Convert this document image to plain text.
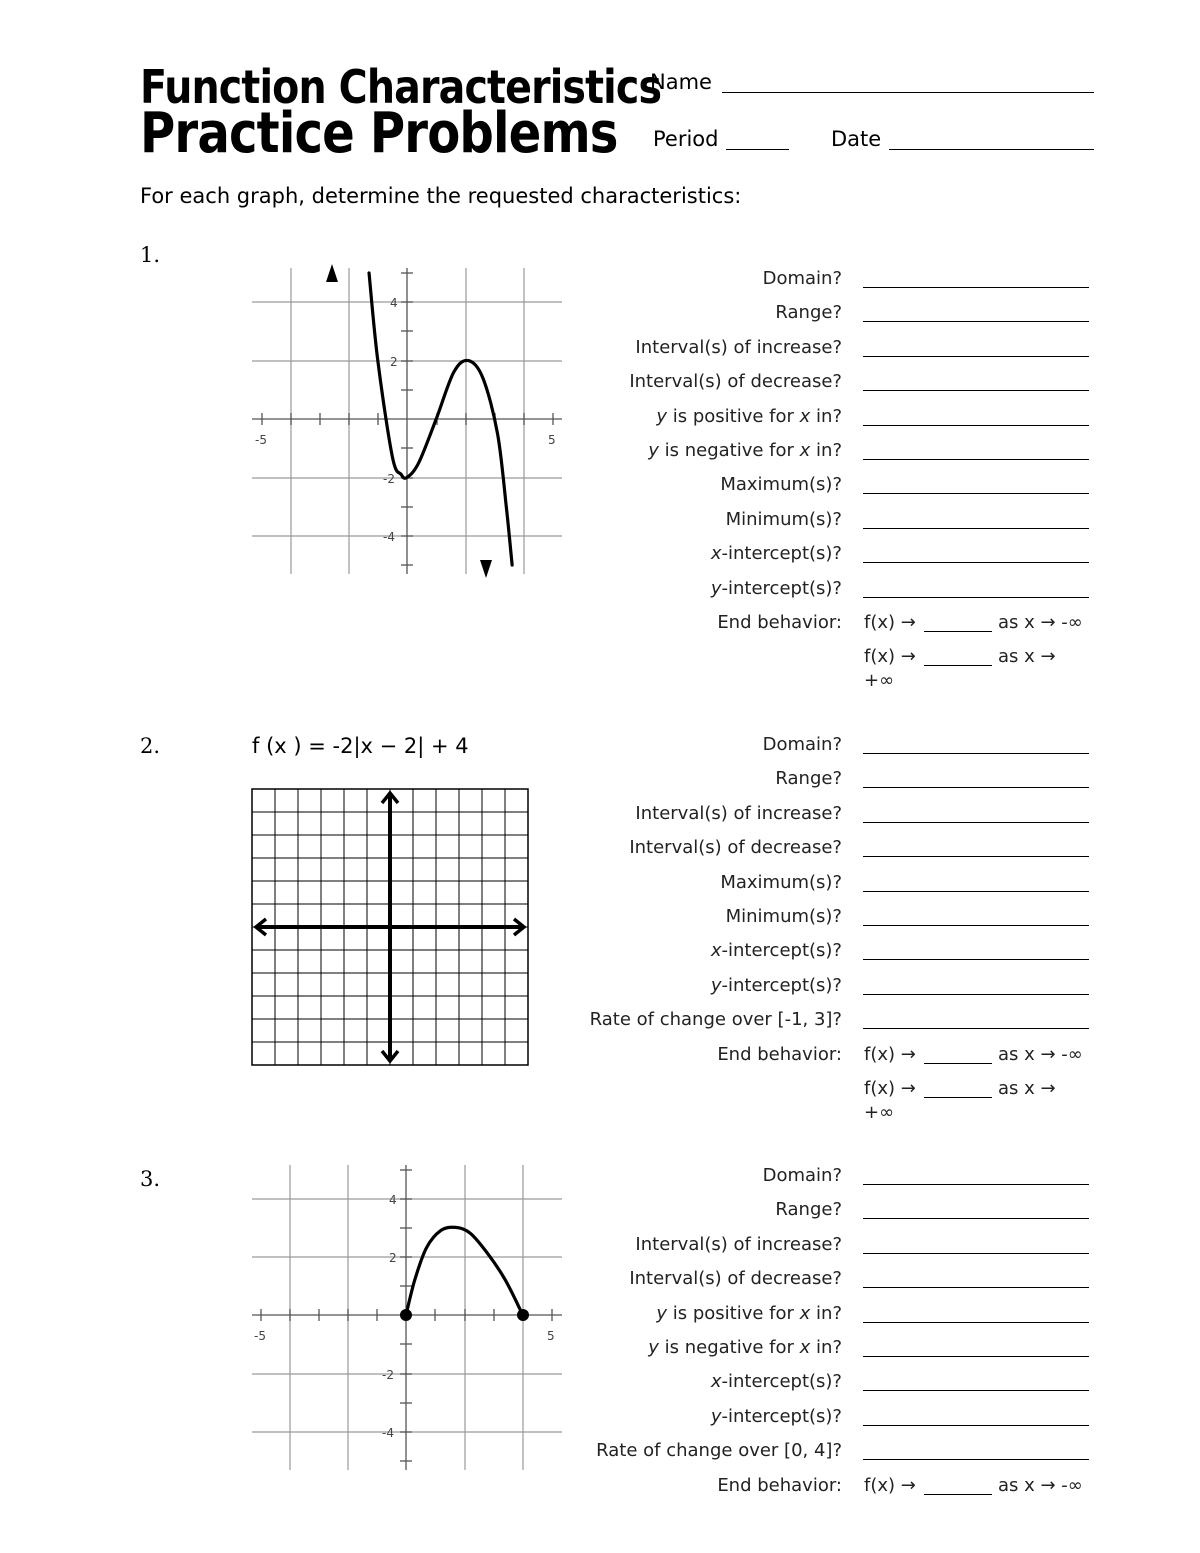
Function Characteristics
Practice Problems
Name
Period	Date
For each graph, determine the requested characteristics:
1.
2.
3.
f (x ) = -2|x − 2| + 4
-5	5
4
2
-2
-4
-5	5
4
2
-2
-4
Domain?
Range?
Interval(s) of increase?
Interval(s) of decrease?
y is positive for x in?
y is negative for x in?
Maximum(s)?
Minimum(s)?
x-intercept(s)?
y-intercept(s)?
End behavior: f(x) →	as x → -∞
f(x) →	as x →
+∞
Domain?
Range?
Interval(s) of increase?
Interval(s) of decrease?
Maximum(s)?
Minimum(s)?
x-intercept(s)?
y-intercept(s)?
Rate of change over [-1, 3]?
End behavior: f(x) →	as x → -∞
f(x) →	as x →
+∞
Domain?
Range?
Interval(s) of increase?
Interval(s) of decrease?
y is positive for x in?
y is negative for x in?
x-intercept(s)?
y-intercept(s)?
Rate of change over [0, 4]?
End behavior: f(x) →	as x → -∞
